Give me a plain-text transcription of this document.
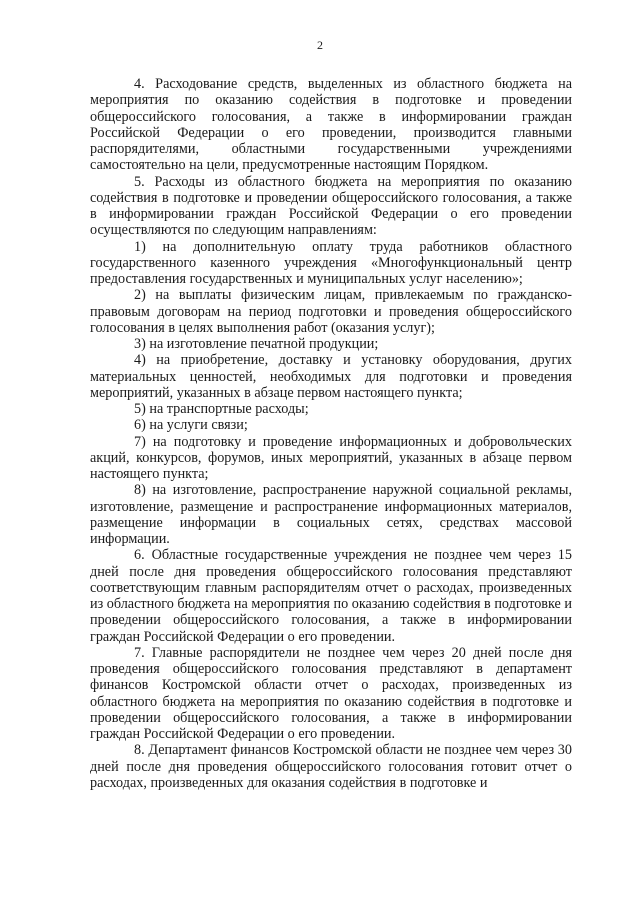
2

4. Расходование средств, выделенных из областного бюджета на мероприятия по оказанию содействия в подготовке и проведении общероссийского голосования, а также в информировании граждан Российской Федерации о его проведении, производится главными распорядителями, областными государственными учреждениями самостоятельно на цели, предусмотренные настоящим Порядком.

5. Расходы из областного бюджета на мероприятия по оказанию содействия в подготовке и проведении общероссийского голосования, а также в информировании граждан Российской Федерации о его проведении осуществляются по следующим направлениям:

1) на дополнительную оплату труда работников областного государственного казенного учреждения «Многофункциональный центр предоставления государственных и муниципальных услуг населению»;

2) на выплаты физическим лицам, привлекаемым по гражданско-правовым договорам на период подготовки и проведения общероссийского голосования в целях выполнения работ (оказания услуг);

3) на изготовление печатной продукции;

4) на приобретение, доставку и установку оборудования, других материальных ценностей, необходимых для подготовки и проведения мероприятий, указанных в абзаце первом настоящего пункта;

5) на транспортные расходы;

6) на услуги связи;

7) на подготовку и проведение информационных и добровольческих акций, конкурсов, форумов, иных мероприятий, указанных в абзаце первом настоящего пункта;

8) на изготовление, распространение наружной социальной рекламы, изготовление, размещение и распространение информационных материалов, размещение информации в социальных сетях, средствах массовой информации.

6. Областные государственные учреждения не позднее чем через 15 дней после дня проведения общероссийского голосования представляют соответствующим главным распорядителям отчет о расходах, произведенных из областного бюджета на мероприятия по оказанию содействия в подготовке и проведении общероссийского голосования, а также в информировании граждан Российской Федерации о его проведении.

7. Главные распорядители не позднее чем через 20 дней после дня проведения общероссийского голосования представляют в департамент финансов Костромской области отчет о расходах, произведенных из областного бюджета на мероприятия по оказанию содействия в подготовке и проведении общероссийского голосования, а также в информировании граждан Российской Федерации о его проведении.

8. Департамент финансов Костромской области не позднее чем через 30 дней после дня проведения общероссийского голосования готовит отчет о расходах, произведенных для оказания содействия в подготовке и
